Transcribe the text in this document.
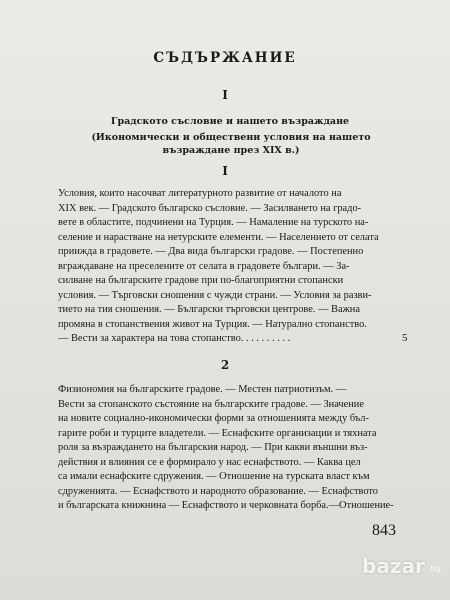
СЪДЪРЖАНИЕ
I
Градското съсловие и нашето възраждане
(Икономически и обществени условия на нашето възраждане през XIX в.)
I
Условия, които насочват литературното развитие от началото на
XIX век. — Градското българско съсловие. — Засилването на градо-
вете в областите, подчинени на Турция. — Намаление на турското на-
селение и нарастване на нетурските елементи. — Населението от селата
прииждa в градовете. — Два вида български градове. — Постепенно
вграждаване на преселените от селата в градовете българи. — За-
силване на българските градове при по-благоприятни стопански
условия. — Търговски сношения с чужди страни. — Условия за разви-
тието на тия сношения. — Български търговски центрове. — Важна
промяна в стопанствения живот на Турция. — Натурално стопанство.
— Вести за характера на това стопанство. . . . . . . . . .	5
2
Физиономия на българските градове. — Местен патриотизъм. —
Вести за стопанското състояние на българските градове. — Значение
на новите социално-икономически форми за отношенията между бъл-
гарите роби и турците владетели. — Еснафските организации и тяхната
роля за възраждането на българския народ. — При какви външни въз-
действия и влияния се е формирало у нас еснафството. — Каква цел
са имали еснафските сдружения. — Отношение на турската власт към
сдруженията. — Еснафството и народното образование. — Еснафството
и българската книжнина — Еснафството и черковната борба.—Отношение-
843
bazar .bg
